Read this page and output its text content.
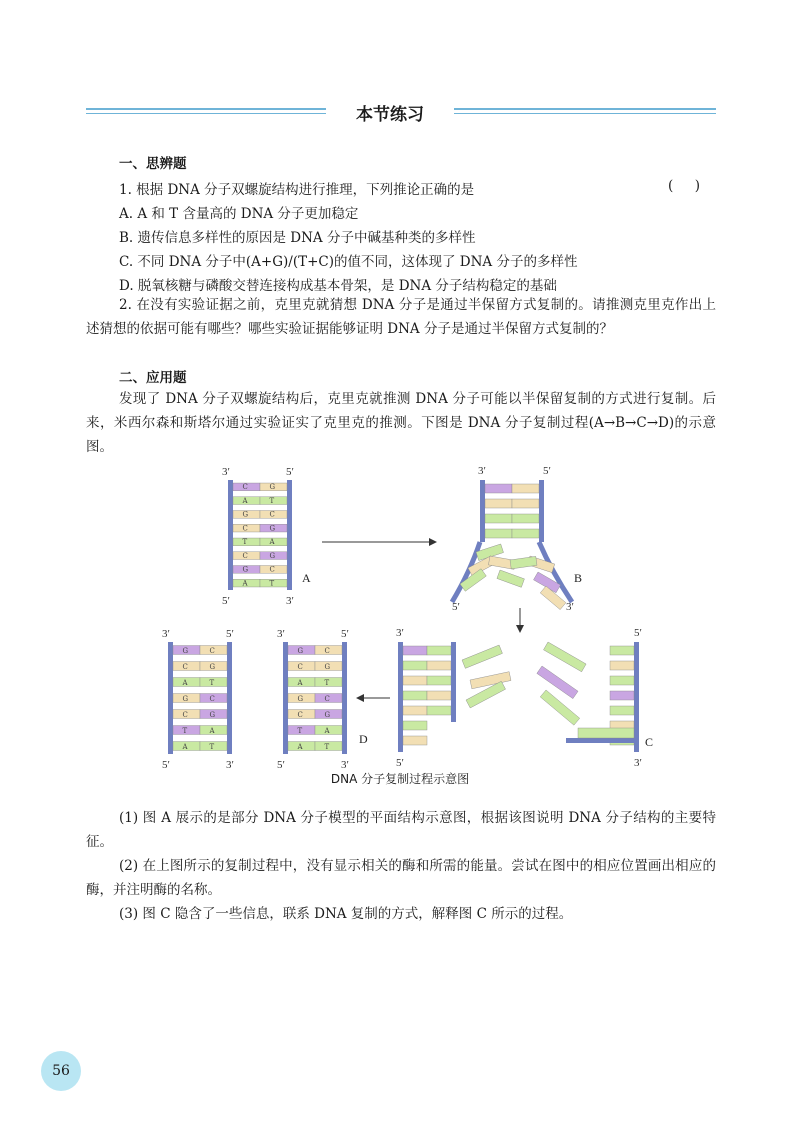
本节练习
一、思辨题
1. 根据 DNA 分子双螺旋结构进行推理，下列推论正确的是	(     )
A. A 和 T 含量高的 DNA 分子更加稳定
B. 遗传信息多样性的原因是 DNA 分子中碱基种类的多样性
C. 不同 DNA 分子中(A+G)/(T+C)的值不同，这体现了 DNA 分子的多样性
D. 脱氧核糖与磷酸交替连接构成基本骨架，是 DNA 分子结构稳定的基础

2. 在没有实验证据之前，克里克就猜想 DNA 分子是通过半保留方式复制的。请推测克里克作出上述猜想的依据可能有哪些？哪些实验证据能够证明 DNA 分子是通过半保留方式复制的？

二、应用题

发现了 DNA 分子双螺旋结构后，克里克就推测 DNA 分子可能以半保留复制的方式进行复制。后来，米西尔森和斯塔尔通过实验证实了克里克的推测。下图是 DNA 分子复制过程(A→B→C→D)的示意图。

C	G
A	T
G	C
C	G
T	A
C	G
G	C
A	T
3′	5′
5′	3′
G	C
C	G
A	T
G	C
C	G
T	A
A	T
3′	5′
5′	3′
G	C
C	G
A	T
G	C
C	G
T	A
A	T
3′	5′
5′	3′
3′	5′
5′	3′
3′	5′
5′	3′
A	B
C
D
DNA 分子复制过程示意图

(1) 图 A 展示的是部分 DNA 分子模型的平面结构示意图，根据该图说明 DNA 分子结构的主要特征。

(2) 在上图所示的复制过程中，没有显示相关的酶和所需的能量。尝试在图中的相应位置画出相应的酶，并注明酶的名称。

(3) 图 C 隐含了一些信息，联系 DNA 复制的方式，解释图 C 所示的过程。

56
